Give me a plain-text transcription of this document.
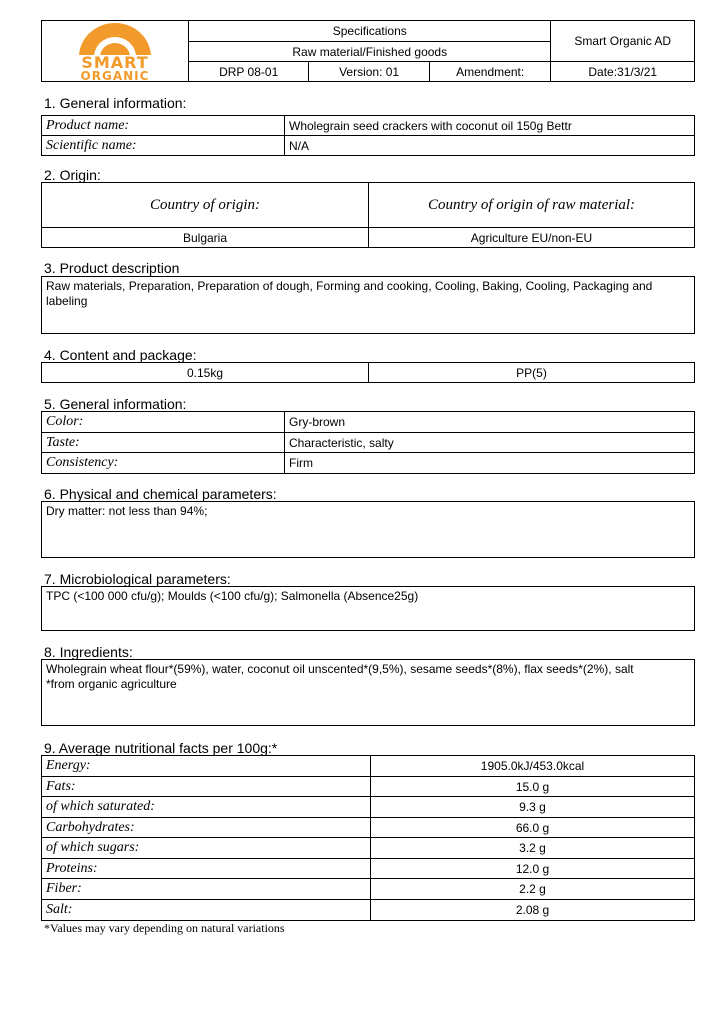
SMART
ORGANIC	Specifications			Smart Organic AD
	Raw material/Finished goods			
	DRP 08-01	Version: 01	Amendment:	Date:31/3/21
1. General information:
Product name:	Wholegrain seed crackers with coconut oil 150g Bettr
Scientific name:	N/A
2. Origin:
Country of origin:	Country of origin of raw material:
Bulgaria	Agriculture EU/non-EU
3. Product description
Raw materials, Preparation, Preparation of dough, Forming and cooking, Cooling, Baking, Cooling, Packaging and labeling
4. Content and package:
0.15kg	PP(5)
5. General information:
Color:	Gry-brown
Taste:	Characteristic, salty
Consistency:	Firm
6. Physical and chemical parameters:
Dry matter: not less than 94%;
7. Microbiological parameters:
TPC (<100 000 cfu/g); Moulds (<100 cfu/g); Salmonella (Absence25g)
8. Ingredients:
Wholegrain wheat flour*(59%), water, coconut oil unscented*(9,5%), sesame seeds*(8%), flax seeds*(2%), salt
*from organic agriculture
9. Average nutritional facts per 100g:*
Energy:	1905.0kJ/453.0kcal
Fats:	15.0 g
of which saturated:	9.3 g
Carbohydrates:	66.0 g
of which sugars:	3.2 g
Proteins:	12.0 g
Fiber:	2.2 g
Salt:	2.08 g
*Values may vary depending on natural variations
